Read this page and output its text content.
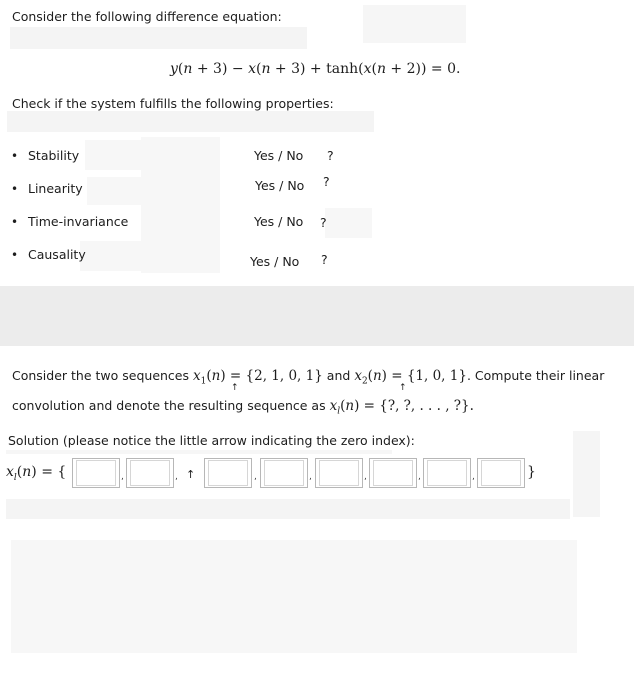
Consider the following difference equation:
y(n + 3) − x(n + 3) + tanh(x(n + 2)) = 0.
Check if the system fulfills the following properties:
• Stability	Yes / No ?
• Linearity	Yes / No ?
• Time-invariance	Yes / No ?
• Causality	Yes / No ?
Consider the two sequences $x_1(n) = \{2$, 1, 0, 1} and $x_2(n) = \{1$, 0, 1}. Compute their linear
↑	↑
convolution and denote the resulting sequence as $x_l(n)$ = {?, ?, . . . , ?}.
Solution (please notice the little arrow indicating the zero index):
$x_l(n)$ = {	,	, ↑	,	,	,	,	,	}
